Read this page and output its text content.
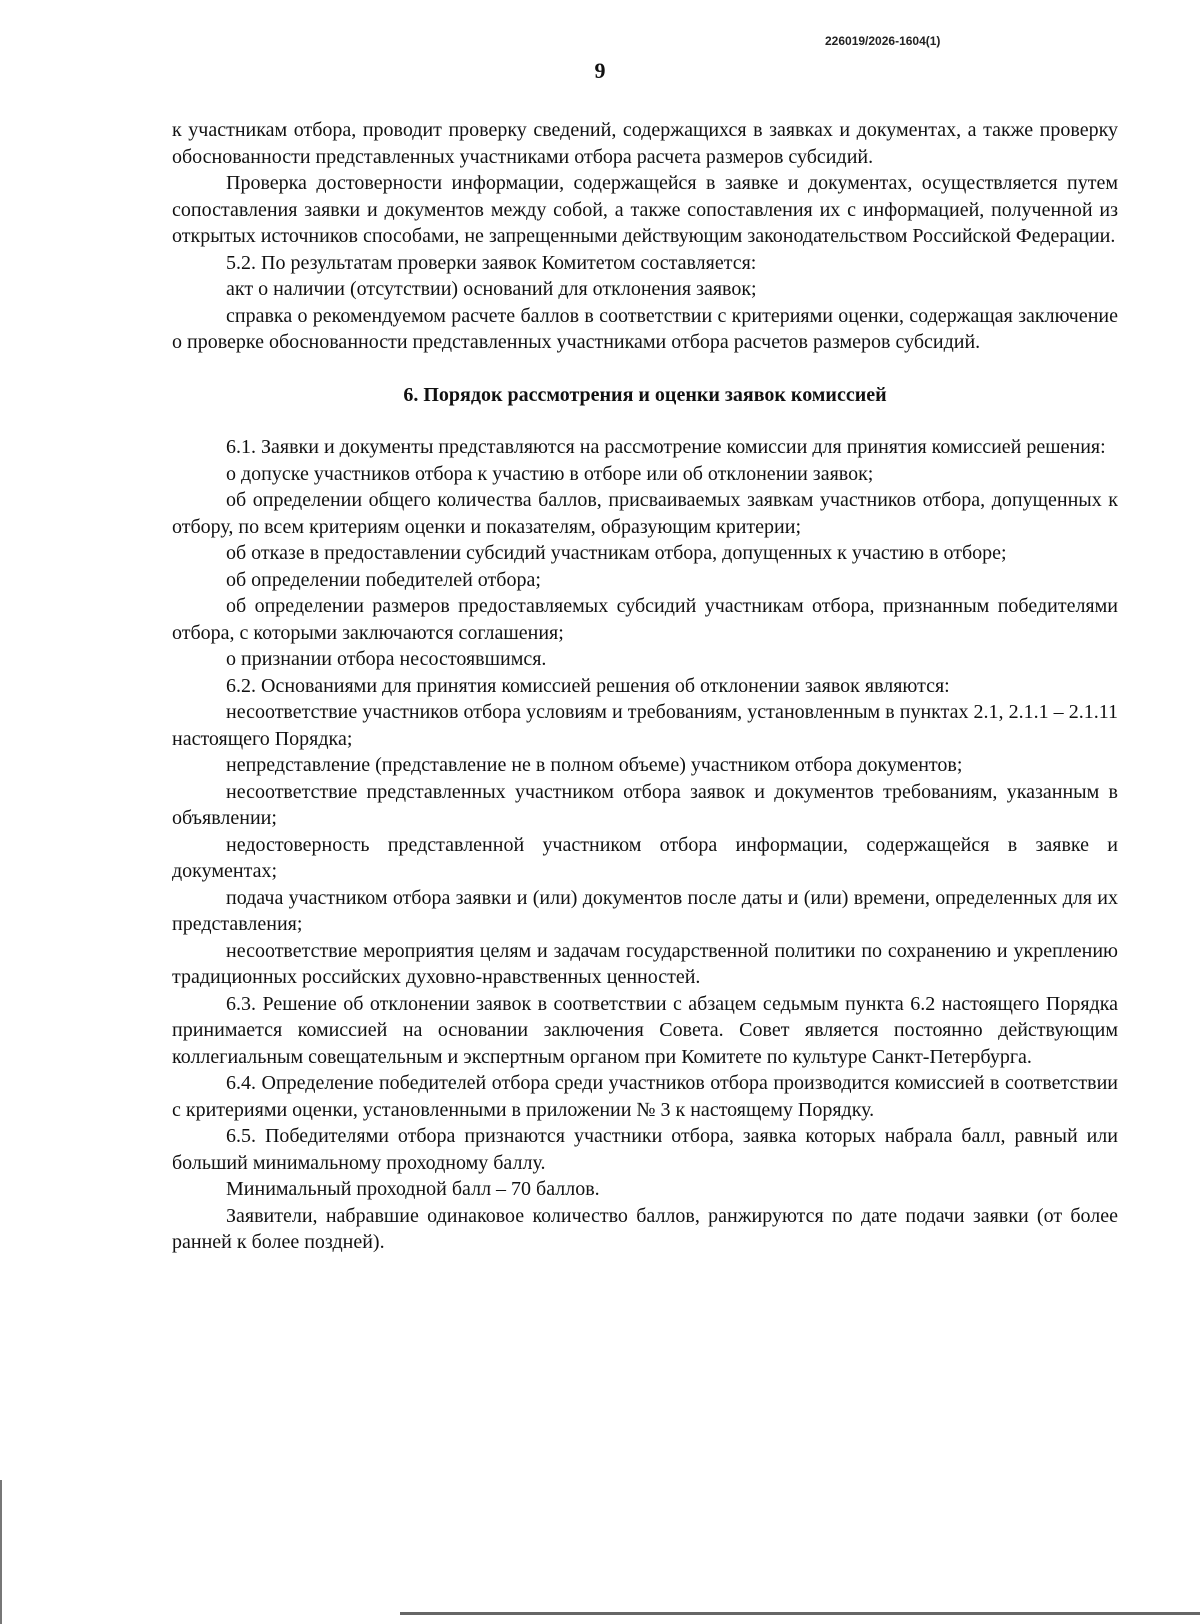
226019/2026-1604(1)
9

к участникам отбора, проводит проверку сведений, содержащихся в заявках и документах, а также проверку обоснованности представленных участниками отбора расчета размеров субсидий.

Проверка достоверности информации, содержащейся в заявке и документах, осуществляется путем сопоставления заявки и документов между собой, а также сопоставления их с информацией, полученной из открытых источников способами, не запрещенными действующим законодательством Российской Федерации.

5.2. По результатам проверки заявок Комитетом составляется:

акт о наличии (отсутствии) оснований для отклонения заявок;

справка о рекомендуемом расчете баллов в соответствии с критериями оценки, содержащая заключение о проверке обоснованности представленных участниками отбора расчетов размеров субсидий.

6. Порядок рассмотрения и оценки заявок комиссией

6.1. Заявки и документы представляются на рассмотрение комиссии для принятия комиссией решения:

о допуске участников отбора к участию в отборе или об отклонении заявок;

об определении общего количества баллов, присваиваемых заявкам участников отбора, допущенных к отбору, по всем критериям оценки и показателям, образующим критерии;

об отказе в предоставлении субсидий участникам отбора, допущенных к участию в отборе;

об определении победителей отбора;

об определении размеров предоставляемых субсидий участникам отбора, признанным победителями отбора, с которыми заключаются соглашения;

о признании отбора несостоявшимся.

6.2. Основаниями для принятия комиссией решения об отклонении заявок являются:

несоответствие участников отбора условиям и требованиям, установленным в пунктах 2.1, 2.1.1 – 2.1.11 настоящего Порядка;

непредставление (представление не в полном объеме) участником отбора документов;

несоответствие представленных участником отбора заявок и документов требованиям, указанным в объявлении;

недостоверность представленной участником отбора информации, содержащейся в заявке и документах;

подача участником отбора заявки и (или) документов после даты и (или) времени, определенных для их представления;

несоответствие мероприятия целям и задачам государственной политики по сохранению и укреплению традиционных российских духовно-нравственных ценностей.

6.3. Решение об отклонении заявок в соответствии с абзацем седьмым пункта 6.2 настоящего Порядка принимается комиссией на основании заключения Совета. Совет является постоянно действующим коллегиальным совещательным и экспертным органом при Комитете по культуре Санкт-Петербурга.

6.4. Определение победителей отбора среди участников отбора производится комиссией в соответствии с критериями оценки, установленными в приложении № 3 к настоящему Порядку.

6.5. Победителями отбора признаются участники отбора, заявка которых набрала балл, равный или больший минимальному проходному баллу.

Минимальный проходной балл – 70 баллов.

Заявители, набравшие одинаковое количество баллов, ранжируются по дате подачи заявки (от более ранней к более поздней).
